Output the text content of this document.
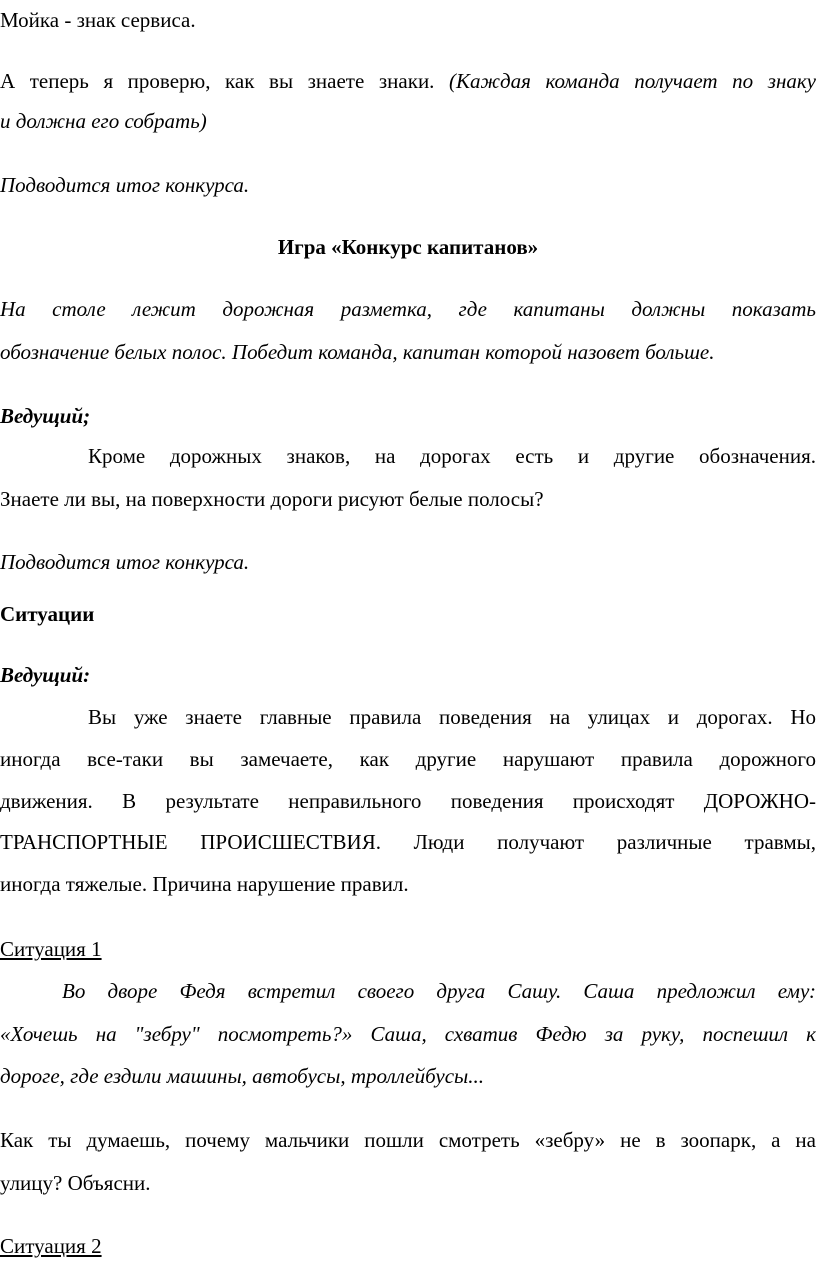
Мойка - знак сервиса.
А теперь я проверю, как вы знаете знаки. (Каждая команда получает по знаку
и должна его собрать)
Подводится итог конкурса.
Игра «Конкурс капитанов»
На столе лежит дорожная разметка, где капитаны должны показать
обозначение белых полос. Победит команда, капитан которой назовет больше.
Ведущий;
Кроме дорожных знаков, на дорогах есть и другие обозначения.
Знаете ли вы, на поверхности дороги рисуют белые полосы?
Подводится итог конкурса.
Ситуации
Ведущий:
Вы уже знаете главные правила поведения на улицах и дорогах. Но
иногда все-таки вы замечаете, как другие нарушают правила дорожного
движения. В результате неправильного поведения происходят ДОРОЖНО-
ТРАНСПОРТНЫЕ ПРОИСШЕСТВИЯ. Люди получают различные травмы,
иногда тяжелые. Причина нарушение правил.
Ситуация 1
Во дворе Федя встретил своего друга Сашу. Саша предложил ему:
«Хочешь на "зебру" посмотреть?» Саша, схватив Федю за руку, поспешил к
дороге, где ездили машины, автобусы, троллейбусы...
Как ты думаешь, почему мальчики пошли смотреть «зебру» не в зоопарк, а на
улицу? Объясни.
Ситуация 2
